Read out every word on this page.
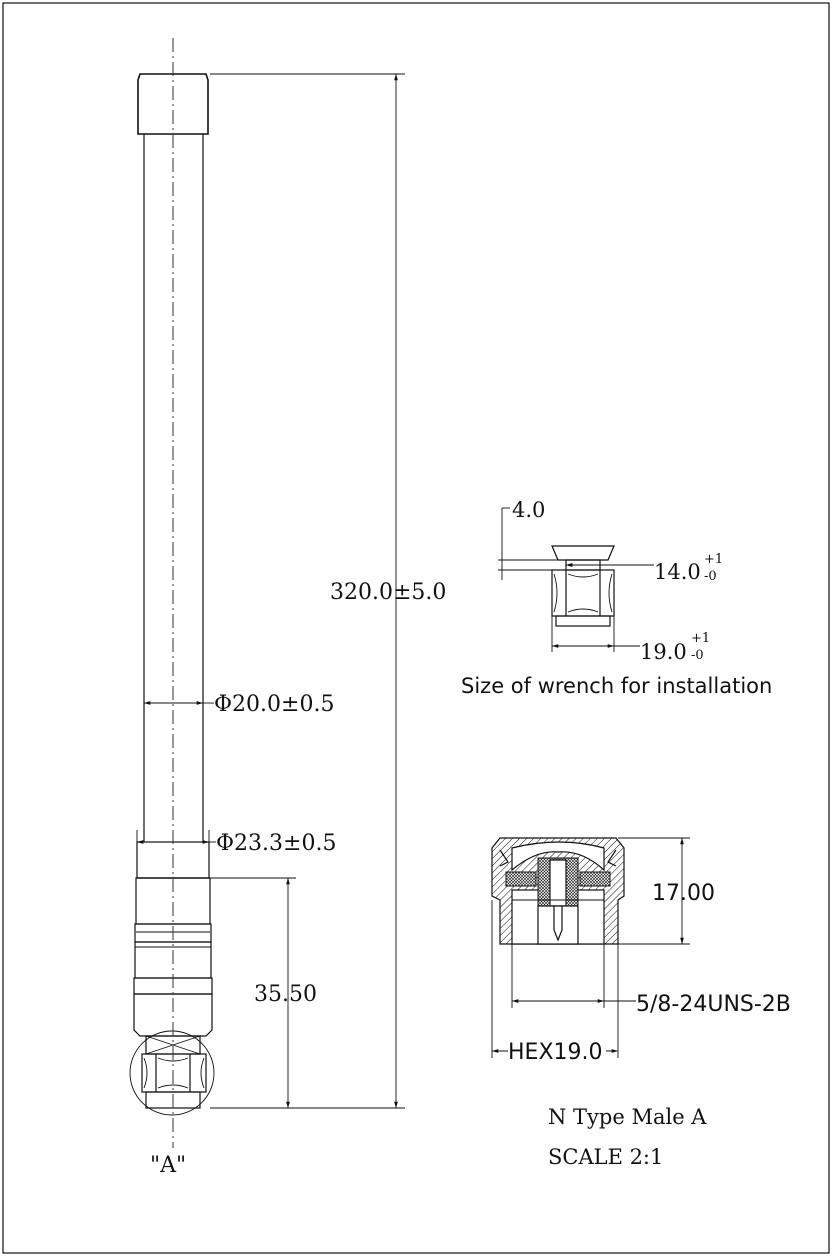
320.0±5.0
Φ20.0±0.5
Φ23.3±0.5
35.50
"A"
4.0
14.0
+1
-0
19.0
+1
-0
Size of wrench for installation
17.00
5/8-24UNS-2B
HEX19.0
N Type Male A
SCALE 2:1
